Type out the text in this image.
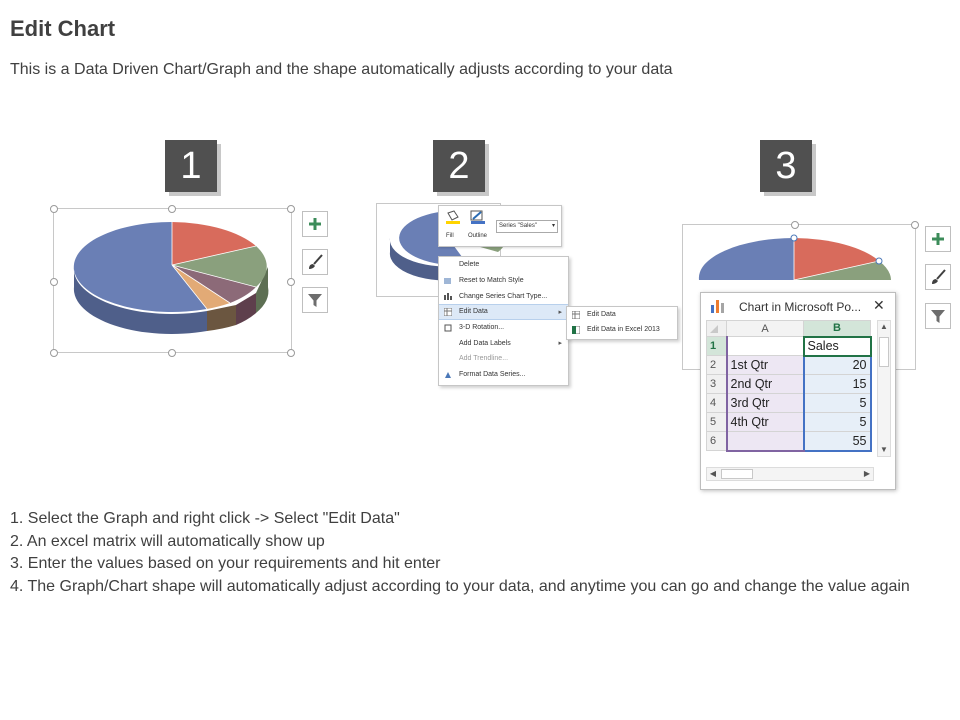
Edit Chart
This is a Data Driven Chart/Graph and the shape automatically adjusts according to your data
1	2	3
Fill Outline
Series "Sales"	▾
Delete
Reset to Match Style
Change Series Chart Type...
Edit Data	▸
3-D Rotation...
Add Data Labels	▸
Add Trendline...
Format Data Series...
Edit Data
Edit Data in Excel 2013
Chart in Microsoft Po... ✕
	A	B
1		Sales
2	1st Qtr	20
3	2nd Qtr	15
4	3rd Qtr	5
5	4th Qtr	5
6		55
▲
▼
◀	▶
1. Select the Graph and right click -> Select "Edit Data"
2. An excel matrix will automatically show up
3. Enter the values based on your requirements and hit enter
4. The Graph/Chart shape will automatically adjust according to your data, and anytime you can go and change the value again
